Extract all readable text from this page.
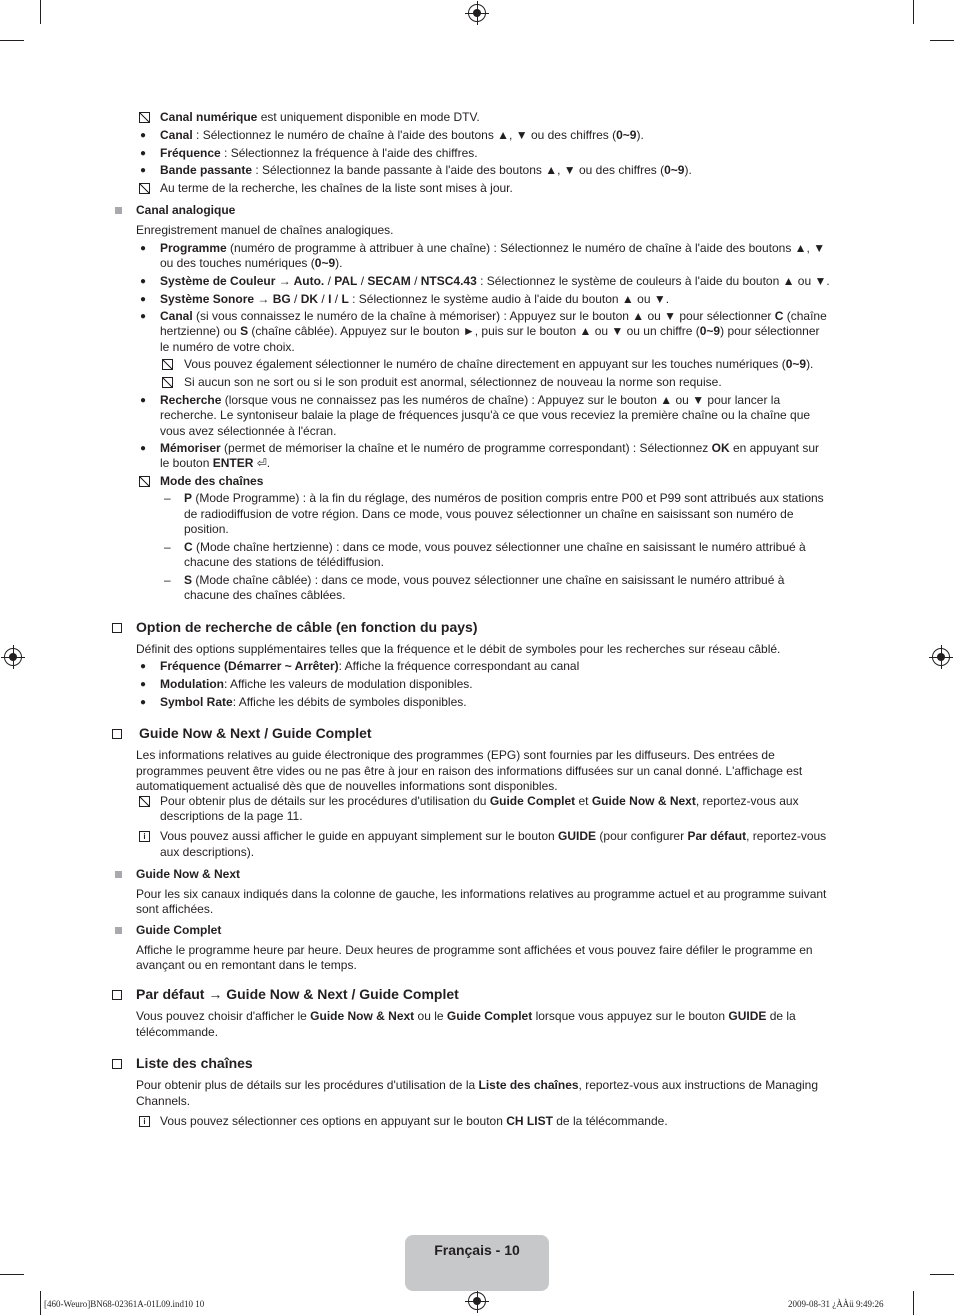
Canal numérique est uniquement disponible en mode DTV.
● Canal : Sélectionnez le numéro de chaîne à l'aide des boutons ▲, ▼ ou des chiffres (0~9).
● Fréquence : Sélectionnez la fréquence à l'aide des chiffres.
● Bande passante : Sélectionnez la bande passante à l'aide des boutons ▲, ▼ ou des chiffres (0~9).
Au terme de la recherche, les chaînes de la liste sont mises à jour.
Canal analogique
Enregistrement manuel de chaînes analogiques.
● Programme (numéro de programme à attribuer à une chaîne) : Sélectionnez le numéro de chaîne à l'aide des boutons ▲, ▼
ou des touches numériques (0~9).
● Système de Couleur → Auto. / PAL / SECAM / NTSC4.43 : Sélectionnez le système de couleurs à l'aide du bouton ▲ ou ▼.
● Système Sonore → BG / DK / I / L : Sélectionnez le système audio à l'aide du bouton ▲ ou ▼.
● Canal (si vous connaissez le numéro de la chaîne à mémoriser) : Appuyez sur le bouton ▲ ou ▼ pour sélectionner C (chaîne
hertzienne) ou S (chaîne câblée). Appuyez sur le bouton ►, puis sur le bouton ▲ ou ▼ ou un chiffre (0~9) pour sélectionner
le numéro de votre choix.
Vous pouvez également sélectionner le numéro de chaîne directement en appuyant sur les touches numériques (0~9).
Si aucun son ne sort ou si le son produit est anormal, sélectionnez de nouveau la norme son requise.
● Recherche (lorsque vous ne connaissez pas les numéros de chaîne) : Appuyez sur le bouton ▲ ou ▼ pour lancer la
recherche. Le syntoniseur balaie la plage de fréquences jusqu'à ce que vous receviez la première chaîne ou la chaîne que
vous avez sélectionnée à l'écran.
● Mémoriser (permet de mémoriser la chaîne et le numéro de programme correspondant) : Sélectionnez OK en appuyant sur
le bouton ENTER ⏎.
Mode des chaînes
– P (Mode Programme) : à la fin du réglage, des numéros de position compris entre P00 et P99 sont attribués aux stations
de radiodiffusion de votre région. Dans ce mode, vous pouvez sélectionner un chaîne en saisissant son numéro de
position.
– C (Mode chaîne hertzienne) : dans ce mode, vous pouvez sélectionner une chaîne en saisissant le numéro attribué à
chacune des stations de télédiffusion.
– S (Mode chaîne câblée) : dans ce mode, vous pouvez sélectionner une chaîne en saisissant le numéro attribué à
chacune des chaînes câblées.
Option de recherche de câble (en fonction du pays)
Définit des options supplémentaires telles que la fréquence et le débit de symboles pour les recherches sur réseau câblé.
● Fréquence (Démarrer ~ Arrêter): Affiche la fréquence correspondant au canal
● Modulation: Affiche les valeurs de modulation disponibles.
● Symbol Rate: Affiche les débits de symboles disponibles.
Guide Now & Next / Guide Complet
Les informations relatives au guide électronique des programmes (EPG) sont fournies par les diffuseurs. Des entrées de
programmes peuvent être vides ou ne pas être à jour en raison des informations diffusées sur un canal donné. L'affichage est
automatiquement actualisé dès que de nouvelles informations sont disponibles.
Pour obtenir plus de détails sur les procédures d'utilisation du Guide Complet et Guide Now & Next, reportez-vous aux
descriptions de la page 11.
i	Vous pouvez aussi afficher le guide en appuyant simplement sur le bouton GUIDE (pour configurer Par défaut, reportez-vous
aux descriptions).
Guide Now & Next
Pour les six canaux indiqués dans la colonne de gauche, les informations relatives au programme actuel et au programme suivant
sont affichées.
Guide Complet
Affiche le programme heure par heure. Deux heures de programme sont affichées et vous pouvez faire défiler le programme en
avançant ou en remontant dans le temps.
Par défaut → Guide Now & Next / Guide Complet
Vous pouvez choisir d'afficher le Guide Now & Next ou le Guide Complet lorsque vous appuyez sur le bouton GUIDE de la
télécommande.
Liste des chaînes
Pour obtenir plus de détails sur les procédures d'utilisation de la Liste des chaînes, reportez-vous aux instructions de Managing
Channels.
i	Vous pouvez sélectionner ces options en appuyant sur le bouton CH LIST de la télécommande.
Français - 10
[460-Weuro]BN68-02361A-01L09.ind10 10	2009-08-31 ¿ÀÀü 9:49:26
